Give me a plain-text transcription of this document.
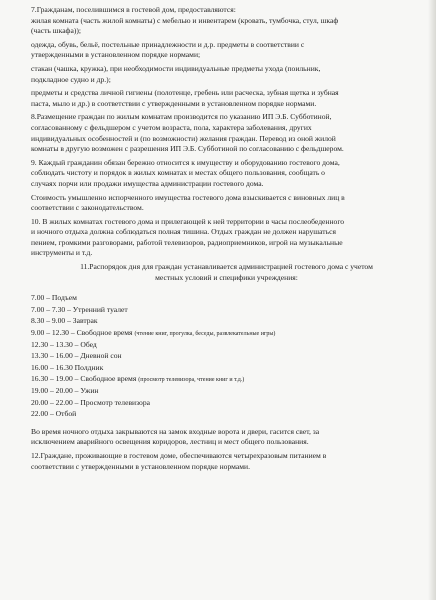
7.Гражданам, поселившимся в гостевой дом, предоставляются:

жилая комната (часть жилой комнаты) с мебелью и инвентарем (кровать, тумбочка, стул, шкаф

(часть шкафа));

одежда, обувь, бельё, постельные принадлежности и д.р. предметы в соответствии с

утвержденными в установленном порядке нормами;

стакан (чашка, кружка), при необходимости индивидуальные предметы ухода (поильник,

подкладное судно и др.);

предметы и средства личной гигиены (полотенце, гребень или расческа, зубная щетка и зубная

паста, мыло и др.) в соответствии с утвержденными в установленном порядке нормами.

8.Размещение граждан по жилым комнатам производится по указанию ИП Э.Б. Субботиной,

согласованному с фельдшером с учетом возраста, пола, характера заболевания, других

индивидуальных особенностей и (по возможности) желания граждан. Перевод из оной жилой

комнаты в другую возможен с разрешения ИП Э.Б. Субботиной по согласованию с фельдшером.

9. Каждый гражданин обязан бережно относится к имуществу и оборудованию гостевого дома,

соблюдать чистоту и порядок в жилых комнатах и местах общего пользования, сообщать о

случаях порчи или продажи имущества администрации гостевого дома.

Стоимость умышленно испорченного имущества гостевого дома взыскивается с виновных лиц в

соответствии с законодательством.

10. В жилых комнатах гостевого дома и прилегающей к ней территории в часы послеобеденного

и ночного отдыха должна соблюдаться полная тишина. Отдых граждан не должен нарушаться

пением, громкими разговорами, работой телевизоров, радиоприемников, игрой на музыкальные

инструменты и т.д.

11.Распорядок дня для граждан устанавливается администрацией гостевого дома с учетом

местных условий и специфики учреждения:

7.00 – Подъем
7.00 – 7.30 – Утренний туалет
8.30 – 9.00 – Завтрак
9.00 – 12.30 – Свободное время (чтение книг, прогулка, беседы, развлекательные игры)
12.30 – 13.30 – Обед
13.30 – 16.00 – Дневной сон
16.00 – 16.30 Полдник
16.30 – 19.00 – Свободное время (просмотр телевизора, чтение книг и т.д.)
19.00 – 20.00 – Ужин
20.00 – 22.00 – Просмотр телевизора
22.00 – Отбой

Во время ночного отдыха закрываются на замок входные ворота и двери, гасится свет, за

исключением аварийного освещения коридоров, лестниц и мест общего пользования.

12.Граждане, проживающие в гостевом доме, обеспечиваются четырехразовым питанием в

соответствии с утвержденными в установленном порядке нормами.
